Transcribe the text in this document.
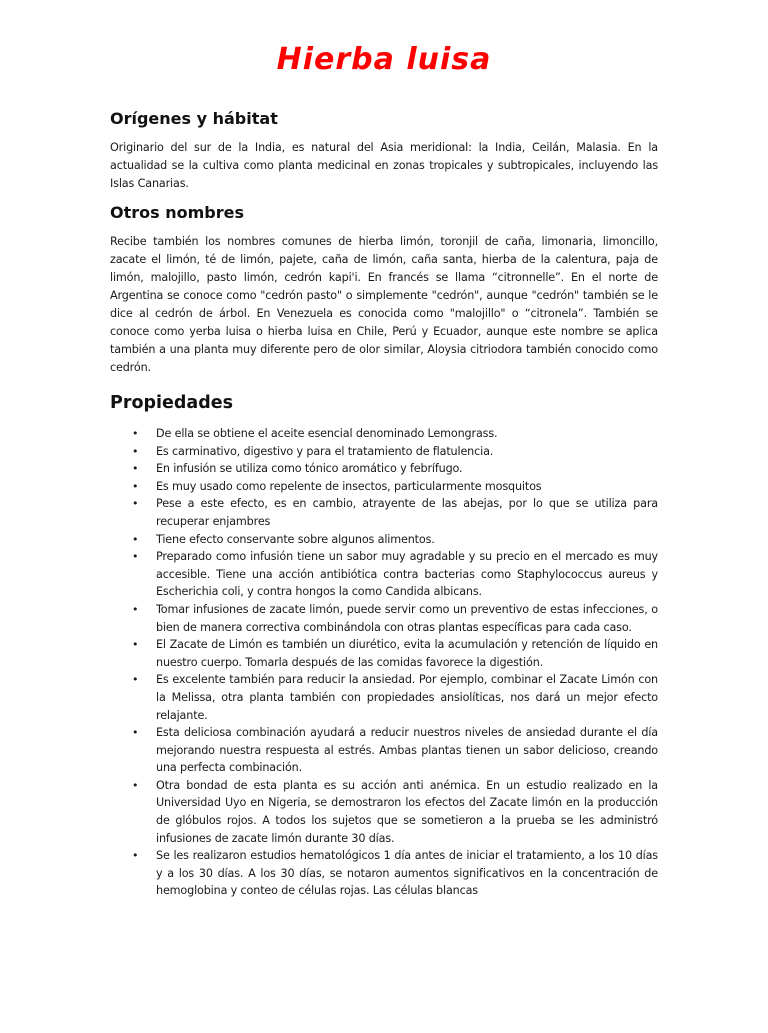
Hierba luisa
Orígenes y hábitat

Originario del sur de la India, es natural del Asia meridional: la India, Ceilán, Malasia. En la actualidad se la cultiva como planta medicinal en zonas tropicales y subtropicales, incluyendo las Islas Canarias.

Otros nombres

Recibe también los nombres comunes de hierba limón, toronjil de caña, limonaria, limoncillo, zacate el limón, té de limón, pajete, caña de limón, caña santa, hierba de la calentura, paja de limón, malojillo, pasto limón, cedrón kapi'i. En francés se llama “citronnelle”. En el norte de Argentina se conoce como "cedrón pasto" o simplemente "cedrón", aunque "cedrón" también se le dice al cedrón de árbol. En Venezuela es conocida como "malojillo" o “citronela”. También se conoce como yerba luisa o hierba luisa en Chile, Perú y Ecuador, aunque este nombre se aplica también a una planta muy diferente pero de olor similar, Aloysia citriodora también conocido como cedrón.

Propiedades
• De ella se obtiene el aceite esencial denominado Lemongrass.
• Es carminativo, digestivo y para el tratamiento de flatulencia.
• En infusión se utiliza como tónico aromático y febrífugo.
• Es muy usado como repelente de insectos, particularmente mosquitos
• Pese a este efecto, es en cambio, atrayente de las abejas, por lo que se utiliza para recuperar enjambres
• Tiene efecto conservante sobre algunos alimentos.
• Preparado como infusión tiene un sabor muy agradable y su precio en el mercado es muy accesible. Tiene una acción antibiótica contra bacterias como Staphylococcus aureus y Escherichia coli, y contra hongos la como Candida albicans.
• Tomar infusiones de zacate limón, puede servir como un preventivo de estas infecciones, o bien de manera correctiva combinándola con otras plantas específicas para cada caso.
• El Zacate de Limón es también un diurético, evita la acumulación y retención de líquido en nuestro cuerpo. Tomarla después de las comidas favorece la digestión.
• Es excelente también para reducir la ansiedad. Por ejemplo, combinar el Zacate Limón con la Melissa, otra planta también con propiedades ansiolíticas, nos dará un mejor efecto relajante.
• Esta deliciosa combinación ayudará a reducir nuestros niveles de ansiedad durante el día mejorando nuestra respuesta al estrés. Ambas plantas tienen un sabor delicioso, creando una perfecta combinación.
• Otra bondad de esta planta es su acción anti anémica. En un estudio realizado en la Universidad Uyo en Nigeria, se demostraron los efectos del Zacate limón en la producción de glóbulos rojos. A todos los sujetos que se sometieron a la prueba se les administró infusiones de zacate limón durante 30 días.
• Se les realizaron estudios hematológicos 1 día antes de iniciar el tratamiento, a los 10 días y a los 30 días. A los 30 días, se notaron aumentos significativos en la concentración de hemoglobina y conteo de células rojas. Las células blancas
